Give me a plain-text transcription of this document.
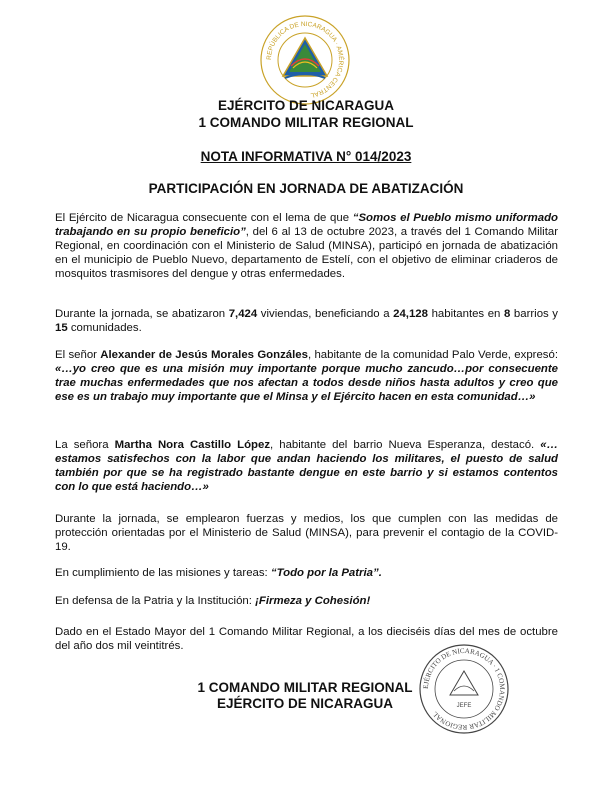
REPÚBLICA DE NICARAGUA · AMÉRICA CENTRAL
EJÉRCITO DE NICARAGUA
1 COMANDO MILITAR REGIONAL
NOTA INFORMATIVA N° 014/2023
PARTICIPACIÓN EN JORNADA DE ABATIZACIÓN

El Ejército de Nicaragua consecuente con el lema de que “Somos el Pueblo mismo uniformado trabajando en su propio beneficio”, del 6 al 13 de octubre 2023, a través del 1 Comando Militar Regional, en coordinación con el Ministerio de Salud (MINSA), participó en jornada de abatización en el municipio de Pueblo Nuevo, departamento de Estelí, con el objetivo de eliminar criaderos de mosquitos trasmisores del dengue y otras enfermedades.

Durante la jornada, se abatizaron 7,424 viviendas, beneficiando a 24,128 habitantes en 8 barrios y 15 comunidades.

El señor Alexander de Jesús Morales Gonzáles, habitante de la comunidad Palo Verde, expresó: «…yo creo que es una misión muy importante porque mucho zancudo…por consecuente trae muchas enfermedades que nos afectan a todos desde niños hasta adultos y creo que ese es un trabajo muy importante que el Minsa y el Ejército hacen en esta comunidad…»

La señora Martha Nora Castillo López, habitante del barrio Nueva Esperanza, destacó. «…estamos satisfechos con la labor que andan haciendo los militares, el puesto de salud también por que se ha registrado bastante dengue en este barrio y si estamos contentos con lo que está haciendo…»

Durante la jornada, se emplearon fuerzas y medios, los que cumplen con las medidas de protección orientadas por el Ministerio de Salud (MINSA), para prevenir el contagio de la COVID-19.

En cumplimiento de las misiones y tareas: “Todo por la Patria”.

En defensa de la Patria y la Institución: ¡Firmeza y Cohesión!

Dado en el Estado Mayor del 1 Comando Militar Regional, a los dieciséis días del mes de octubre del año dos mil veintitrés.

1 COMANDO MILITAR REGIONAL
EJÉRCITO DE NICARAGUA
EJÉRCITO DE NICARAGUA · 1 COMANDO MILITAR REGIONAL
JEFE
